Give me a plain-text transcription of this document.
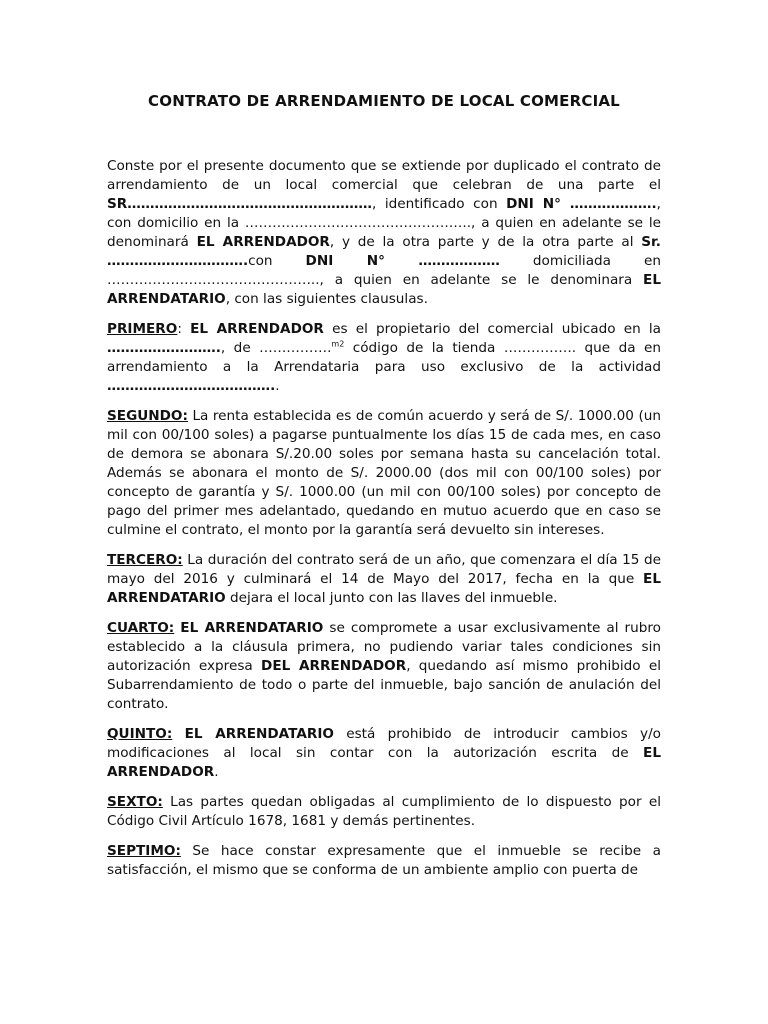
CONTRATO DE ARRENDAMIENTO DE LOCAL COMERCIAL

Conste por el presente documento que se extiende por duplicado el contrato de arrendamiento de un local comercial que celebran de una parte el SR………………………………………………, identificado con DNI N° ………………., con domicilio en la ………………………………………….., a quien en adelante se le denominará EL ARRENDADOR, y de la otra parte y de la otra parte al Sr. ………………………….con DNI N° ……………… domiciliada en ……………………………………….., a quien en adelante se le denominara EL ARRENDATARIO, con las siguientes clausulas.

PRIMERO: EL ARRENDADOR es el propietario del comercial ubicado en la ……………………., de …………….$^{m2}$ código de la tienda ……………. que da en arrendamiento a la Arrendataria para uso exclusivo de la actividad ………………………………..

SEGUNDO: La renta establecida es de común acuerdo y será de S/. 1000.00 (un mil con 00/100 soles) a pagarse puntualmente los días 15 de cada mes, en caso de demora se abonara S/.20.00 soles por semana hasta su cancelación total. Además se abonara el monto de S/. 2000.00 (dos mil con 00/100 soles) por concepto de garantía y S/. 1000.00 (un mil con 00/100 soles) por concepto de pago del primer mes adelantado, quedando en mutuo acuerdo que en caso se culmine el contrato, el monto por la garantía será devuelto sin intereses.

TERCERO: La duración del contrato será de un año, que comenzara el día 15 de mayo del 2016 y culminará el 14 de Mayo del 2017, fecha en la que EL ARRENDATARIO dejara el local junto con las llaves del inmueble.

CUARTO: EL ARRENDATARIO se compromete a usar exclusivamente al rubro establecido a la cláusula primera, no pudiendo variar tales condiciones sin autorización expresa DEL ARRENDADOR, quedando así mismo prohibido el Subarrendamiento de todo o parte del inmueble, bajo sanción de anulación del contrato.

QUINTO: EL ARRENDATARIO está prohibido de introducir cambios y/o modificaciones al local sin contar con la autorización escrita de EL ARRENDADOR.

SEXTO: Las partes quedan obligadas al cumplimiento de lo dispuesto por el Código Civil Artículo 1678, 1681 y demás pertinentes.

SEPTIMO: Se hace constar expresamente que el inmueble se recibe a satisfacción, el mismo que se conforma de un ambiente amplio con puerta de
